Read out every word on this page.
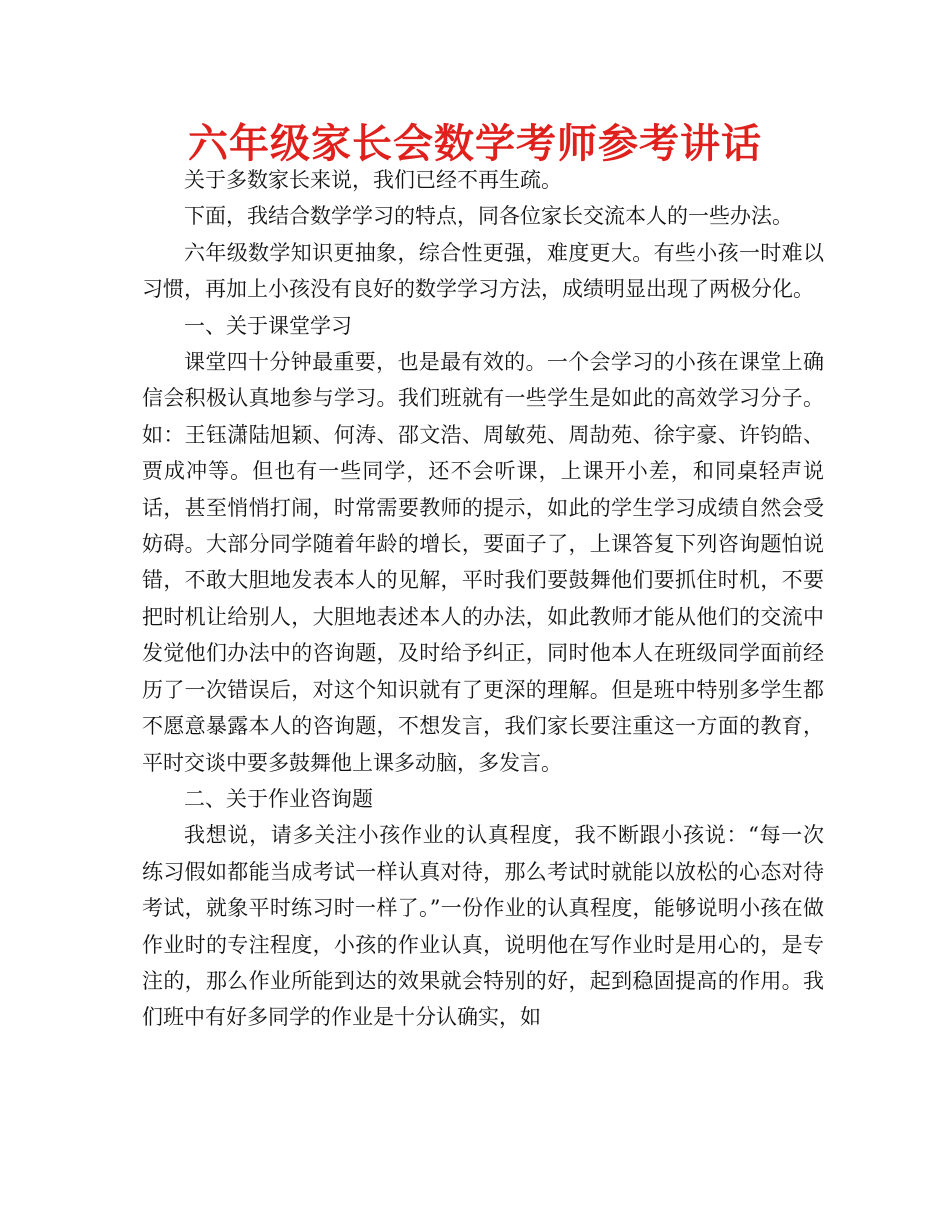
六年级家长会数学考师参考讲话

关于多数家长来说，我们已经不再生疏。

下面，我结合数学学习的特点，同各位家长交流本人的一些办法。

六年级数学知识更抽象，综合性更强，难度更大。有些小孩一时难以习惯，再加上小孩没有良好的数学学习方法，成绩明显出现了两极分化。

一、关于课堂学习

课堂四十分钟最重要，也是最有效的。一个会学习的小孩在课堂上确信会积极认真地参与学习。我们班就有一些学生是如此的高效学习分子。如：王钰潇陆旭颖、何涛、邵文浩、周敏苑、周劼苑、徐宇豪、许钧皓、贾成冲等。但也有一些同学，还不会听课，上课开小差，和同桌轻声说话，甚至悄悄打闹，时常需要教师的提示，如此的学生学习成绩自然会受妨碍。大部分同学随着年龄的增长，要面子了，上课答复下列咨询题怕说错，不敢大胆地发表本人的见解，平时我们要鼓舞他们要抓住时机，不要把时机让给别人，大胆地表述本人的办法，如此教师才能从他们的交流中发觉他们办法中的咨询题，及时给予纠正，同时他本人在班级同学面前经历了一次错误后，对这个知识就有了更深的理解。但是班中特别多学生都不愿意暴露本人的咨询题，不想发言，我们家长要注重这一方面的教育，平时交谈中要多鼓舞他上课多动脑，多发言。

二、关于作业咨询题

我想说，请多关注小孩作业的认真程度，我不断跟小孩说：“每一次练习假如都能当成考试一样认真对待，那么考试时就能以放松的心态对待考试，就象平时练习时一样了。”一份作业的认真程度，能够说明小孩在做作业时的专注程度，小孩的作业认真，说明他在写作业时是用心的，是专注的，那么作业所能到达的效果就会特别的好，起到稳固提高的作用。我们班中有好多同学的作业是十分认确实，如
